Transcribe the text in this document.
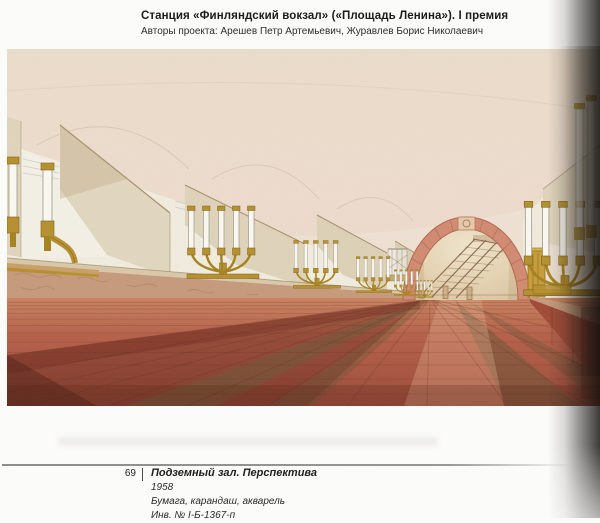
Станция «Финляндский вокзал» («Площадь Ленина»). I премия
Авторы проекта: Арешев Петр Артемьевич, Журавлев Борис Николаевич
69 Подземный зал. Перспектива
1958
Бумага, карандаш, акварель
Инв. № I-Б-1367-п
